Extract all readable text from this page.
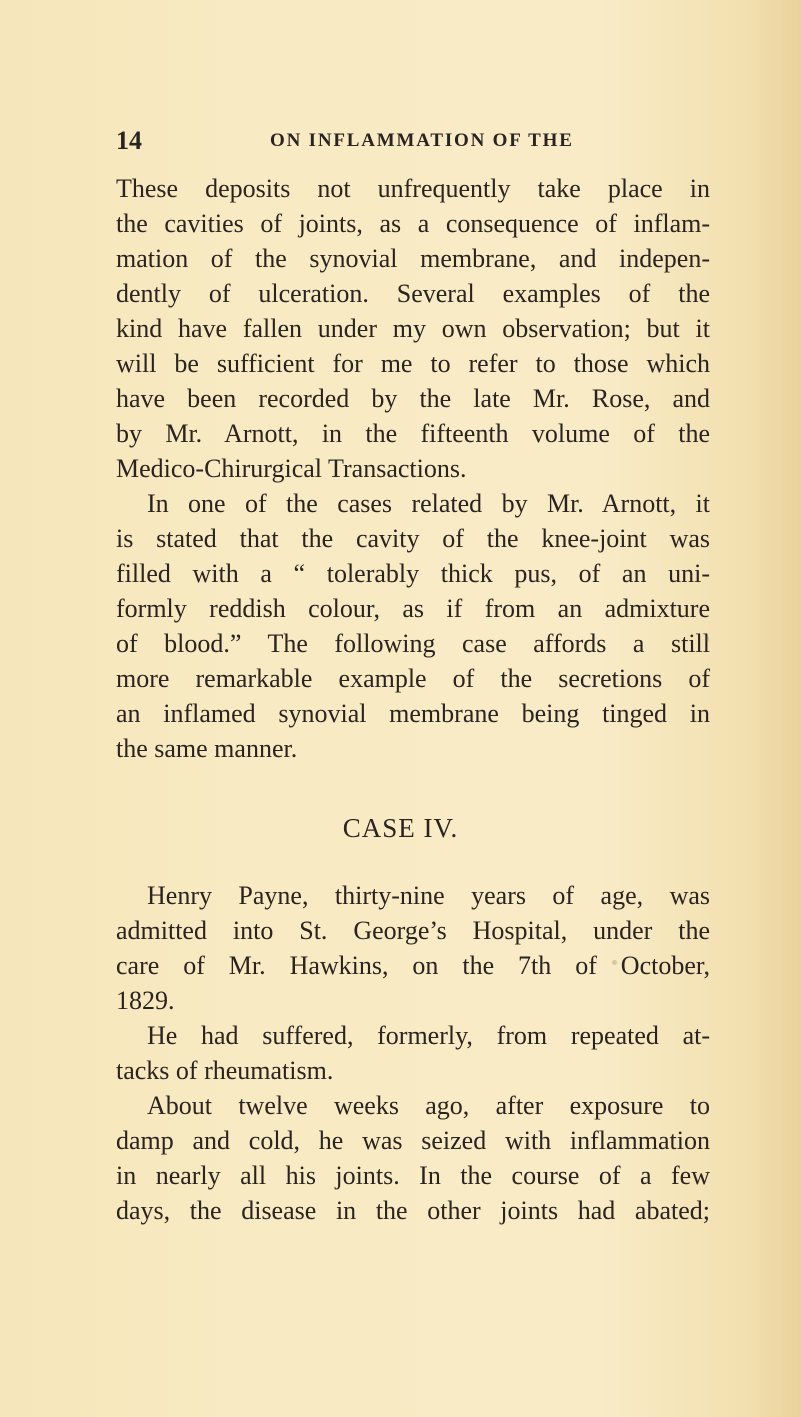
14	ON INFLAMMATION OF THE
These deposits not unfrequently take place in
the cavities of joints, as a consequence of inflam-
mation of the synovial membrane, and indepen-
dently of ulceration. Several examples of the
kind have fallen under my own observation; but it
will be sufficient for me to refer to those which
have been recorded by the late Mr. Rose, and
by Mr. Arnott, in the fifteenth volume of the
Medico-Chirurgical Transactions.
In one of the cases related by Mr. Arnott, it
is stated that the cavity of the knee-joint was
filled with a “ tolerably thick pus, of an uni-
formly reddish colour, as if from an admixture
of blood.” The following case affords a still
more remarkable example of the secretions of
an inflamed synovial membrane being tinged in
the same manner.
CASE IV.
Henry Payne, thirty-nine years of age, was
admitted into St. George’s Hospital, under the
care of Mr. Hawkins, on the 7th of October,
1829.
He had suffered, formerly, from repeated at-
tacks of rheumatism.
About twelve weeks ago, after exposure to
damp and cold, he was seized with inflammation
in nearly all his joints. In the course of a few
days, the disease in the other joints had abated;
